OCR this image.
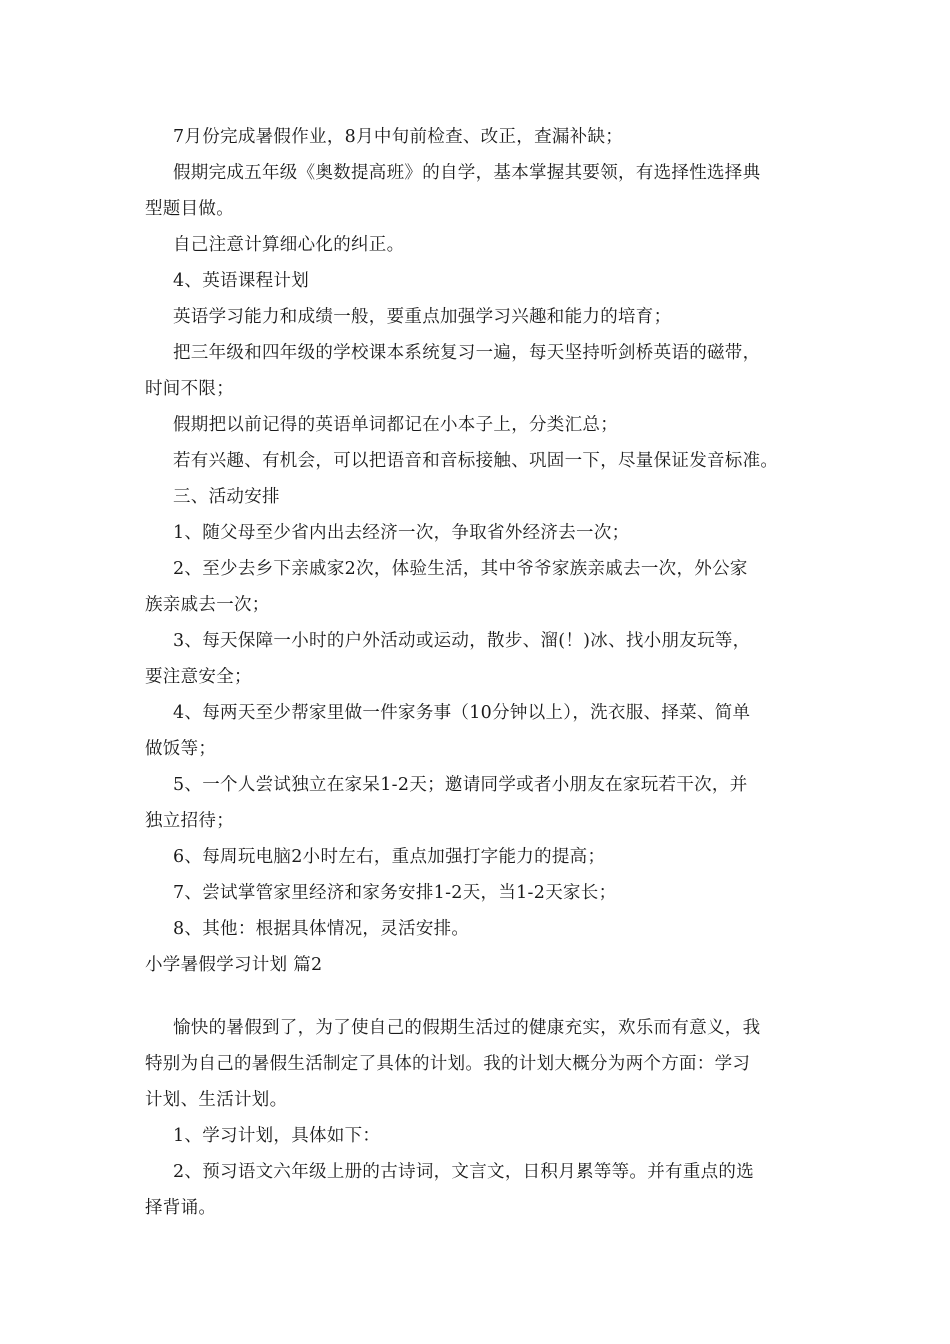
7月份完成暑假作业，8月中旬前检查、改正，查漏补缺；
假期完成五年级《奥数提高班》的自学，基本掌握其要领，有选择性选择典
型题目做。
自己注意计算细心化的纠正。
4、英语课程计划
英语学习能力和成绩一般，要重点加强学习兴趣和能力的培育；
把三年级和四年级的学校课本系统复习一遍，每天坚持听剑桥英语的磁带，
时间不限；
假期把以前记得的英语单词都记在小本子上，分类汇总；
若有兴趣、有机会，可以把语音和音标接触、巩固一下，尽量保证发音标准。
三、活动安排
1、随父母至少省内出去经济一次，争取省外经济去一次；
2、至少去乡下亲戚家2次，体验生活，其中爷爷家族亲戚去一次，外公家
族亲戚去一次；
3、每天保障一小时的户外活动或运动，散步、溜(！)冰、找小朋友玩等，
要注意安全；
4、每两天至少帮家里做一件家务事（10分钟以上），洗衣服、择菜、简单
做饭等；
5、一个人尝试独立在家呆1-2天；邀请同学或者小朋友在家玩若干次，并
独立招待；
6、每周玩电脑2小时左右，重点加强打字能力的提高；
7、尝试掌管家里经济和家务安排1-2天，当1-2天家长；
8、其他：根据具体情况，灵活安排。
小学暑假学习计划 篇2
愉快的暑假到了，为了使自己的假期生活过的健康充实，欢乐而有意义，我
特别为自己的暑假生活制定了具体的计划。我的计划大概分为两个方面：学习
计划、生活计划。
1、学习计划，具体如下：
2、预习语文六年级上册的古诗词，文言文，日积月累等等。并有重点的选
择背诵。
